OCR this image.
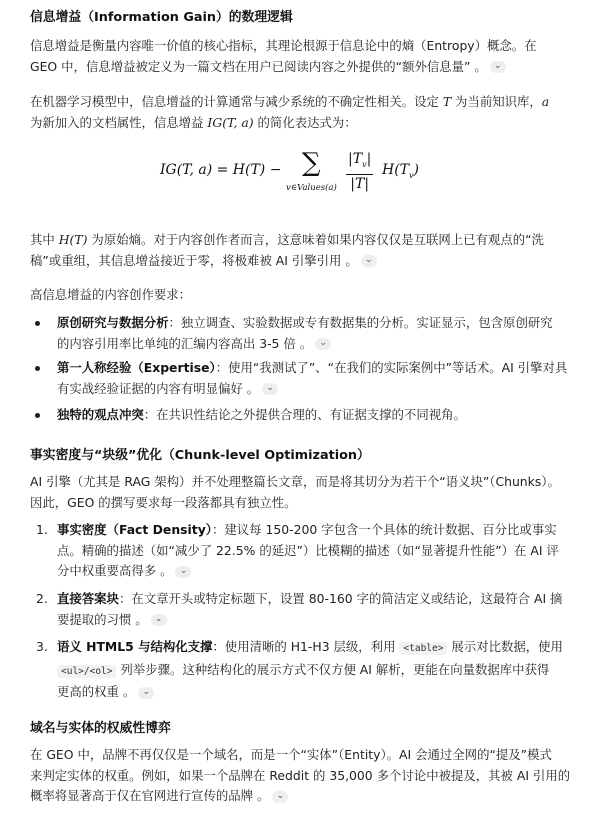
信息增益（Information Gain）的数理逻辑
信息增益是衡量内容唯一价值的核心指标，其理论根源于信息论中的熵（Entropy）概念。在
GEO 中，信息增益被定义为一篇文档在用户已阅读内容之外提供的“额外信息量” 。 ⌄
在机器学习模型中，信息增益的计算通常与减少系统的不确定性相关。设定 T 为当前知识库，a
为新加入的文档属性，信息增益 IG(T, a) 的简化表达式为：
IG(T, a) = H(T) − ∑
v∈Values(a) $\frac{|T_v|}{|T|} H(T_v)$
其中 H(T) 为原始熵。对于内容创作者而言，这意味着如果内容仅仅是互联网上已有观点的“洗
稿”或重组，其信息增益接近于零，将极难被 AI 引擎引用 。 ⌄
高信息增益的内容创作要求：
原创研究与数据分析：独立调查、实验数据或专有数据集的分析。实证显示，包含原创研究
的内容引用率比单纯的汇编内容高出 3-5 倍 。 ⌄
第一人称经验（Expertise）：使用“我测试了”、“在我们的实际案例中”等话术。AI 引擎对具
有实战经验证据的内容有明显偏好 。 ⌄
独特的观点冲突：在共识性结论之外提供合理的、有证据支撑的不同视角。
事实密度与“块级”优化（Chunk-level Optimization）
AI 引擎（尤其是 RAG 架构）并不处理整篇长文章，而是将其切分为若干个“语义块”（Chunks）。
因此，GEO 的撰写要求每一段落都具有独立性。
1. 事实密度（Fact Density）：建议每 150-200 字包含一个具体的统计数据、百分比或事实
点。精确的描述（如“减少了 22.5% 的延迟”）比模糊的描述（如“显著提升性能”）在 AI 评
分中权重要高得多 。 ⌄
2. 直接答案块：在文章开头或特定标题下，设置 80-160 字的简洁定义或结论，这最符合 AI 摘
要提取的习惯 。 ⌄
3. 语义 HTML5 与结构化支撑：使用清晰的 H1-H3 层级，利用 <table> 展示对比数据，使用
<ul>/<ol> 列举步骤。这种结构化的展示方式不仅方便 AI 解析，更能在向量数据库中获得
更高的权重 。 ⌄
域名与实体的权威性博弈
在 GEO 中，品牌不再仅仅是一个域名，而是一个“实体”（Entity）。AI 会通过全网的“提及”模式
来判定实体的权重。例如，如果一个品牌在 Reddit 的 35,000 多个讨论中被提及，其被 AI 引用的
概率将显著高于仅在官网进行宣传的品牌 。 ⌄
